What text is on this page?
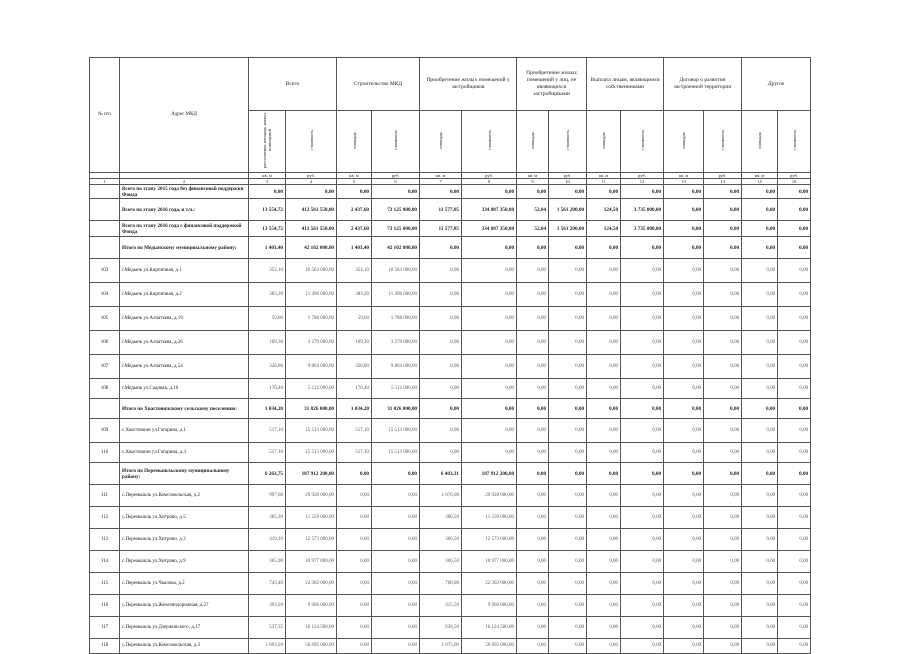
№ п/п	Адрес МКД	Всего		Строительство МКД		Приобретение жилых помещений у застройщиков		Приобретение жилых помещений у лиц, не являющихся застройщиками		Выплата лицам, являющимся собственниками		Договор о развитии застроенной территории		Другое	
		расселяемая площадь жилых помещений	стоимость	площадь	стоимость	площадь	стоимость	площадь	стоимость	площадь	стоимость	площадь	стоимость	площадь	стоимость
		кв. м	руб.	кв. м	руб.	кв. м	руб.	кв. м	руб.	кв. м	руб.	кв. м	руб.	кв. м	руб.
1	2	3	4	5	6	7	8	9	10	11	12	13	14	15	16
	Всего по этапу 2015 года без финансовой поддержки Фонда	0,00	0,00	0,00	0,00	0,00	0,00	0,00	0,00	0,00	0,00	0,00	0,00	0,00	0,00
	Всего по этапу 2016 года, в т.ч.:	13 554,72	412 561 550,00	2 437,60	73 125 000,00	11 577,85	334 087 350,00	52,04	1 561 200,00	124,50	3 735 000,00	0,00	0,00	0,00	0,00
	Всего по этапу 2016 года с финансовой поддержкой Фонда	13 554,72	412 561 550,00	2 437,60	73 125 000,00	11 577,85	334 087 350,00	52,04	1 561 200,00	124,50	3 735 000,00	0,00	0,00	0,00	0,00
	Итого по Медынскому муниципальному району:	1 403,40	42 102 000,00	1 403,40	42 102 000,00	0,00	0,00	0,00	0,00	0,00	0,00	0,00	0,00	0,00	0,00
103	г.Медынь ул.Кирпичная, д.1	352,10	10 563 000,00	352,10	10 563 000,00	0,00	0,00	0,00	0,00	0,00	0,00	0,00	0,00	0,00	0,00
104	г.Медынь ул.Кирпичная, д.2	383,20	11 496 000,00	383,20	11 496 000,00	0,00	0,00	0,00	0,00	0,00	0,00	0,00	0,00	0,00	0,00
105	г.Медынь ул.Алпатьева, д.19	59,60	1 788 000,00	59,60	1 788 000,00	0,00	0,00	0,00	0,00	0,00	0,00	0,00	0,00	0,00	0,00
106	г.Медынь ул.Алпатьева, д.26	109,30	3 279 000,00	109,30	3 279 000,00	0,00	0,00	0,00	0,00	0,00	0,00	0,00	0,00	0,00	0,00
107	г.Медынь ул.Алпатьева, д.54	328,80	9 864 000,00	328,80	9 864 000,00	0,00	0,00	0,00	0,00	0,00	0,00	0,00	0,00	0,00	0,00
108	г.Медынь ул.Садовая, д.16	170,40	5 112 000,00	170,40	5 112 000,00	0,00	0,00	0,00	0,00	0,00	0,00	0,00	0,00	0,00	0,00
	Итого по Хвастовичскому сельскому поселению:	1 034,20	31 026 000,00	1 034,20	31 026 000,00	0,00	0,00	0,00	0,00	0,00	0,00	0,00	0,00	0,00	0,00
109	с.Хвастовичи ул.Гагарина, д.1	517,10	15 513 000,00	517,10	15 513 000,00	0,00	0,00	0,00	0,00	0,00	0,00	0,00	0,00	0,00	0,00
110	с.Хвастовичи ул.Гагарина, д.3	517,10	15 513 000,00	517,10	15 513 000,00	0,00	0,00	0,00	0,00	0,00	0,00	0,00	0,00	0,00	0,00
	Итого по Перемышльскому муниципальному району:	6 263,75	187 912 200,00	0,00	0,00	6 403,31	187 912 200,00	0,00	0,00	0,00	0,00	0,00	0,00	0,00	0,00
111	с.Перемышль ул.Комсомольская, д.2	997,60	29 928 000,00	0,00	0,00	1 076,00	29 928 000,00	0,00	0,00	0,00	0,00	0,00	0,00	0,00	0,00
112	с.Перемышль ул.Хитрово, д.5	385,30	11 559 000,00	0,00	0,00	366,50	11 559 000,00	0,00	0,00	0,00	0,00	0,00	0,00	0,00	0,00
113	с.Перемышль ул.Хитрово, д.3	419,10	12 573 000,00	0,00	0,00	366,50	12 573 000,00	0,00	0,00	0,00	0,00	0,00	0,00	0,00	0,00
114	с.Перемышль ул.Хитрово, д.9	365,90	10 977 000,00	0,00	0,00	366,50	10 977 000,00	0,00	0,00	0,00	0,00	0,00	0,00	0,00	0,00
115	с.Перемышль ул.Чкалова, д.2	743,40	22 302 000,00	0,00	0,00	768,00	22 302 000,00	0,00	0,00	0,00	0,00	0,00	0,00	0,00	0,00
116	с.Перемышль ул.Железнодорожная, д.27	392,20	9 966 000,00	0,00	0,00	415,50	9 966 000,00	0,00	0,00	0,00	0,00	0,00	0,00	0,00	0,00
117	с.Перемышль ул.Дзержинского, д.17	537,35	16 124 500,00	0,00	0,00	636,50	16 124 500,00	0,00	0,00	0,00	0,00	0,00	0,00	0,00	0,00
118	с.Перемышль ул.Комсомольская, д.3	1 692,20	50 695 000,00	0,00	0,00	1 075,00	50 695 000,00	0,00	0,00	0,00	0,00	0,00	0,00	0,00	0,00
